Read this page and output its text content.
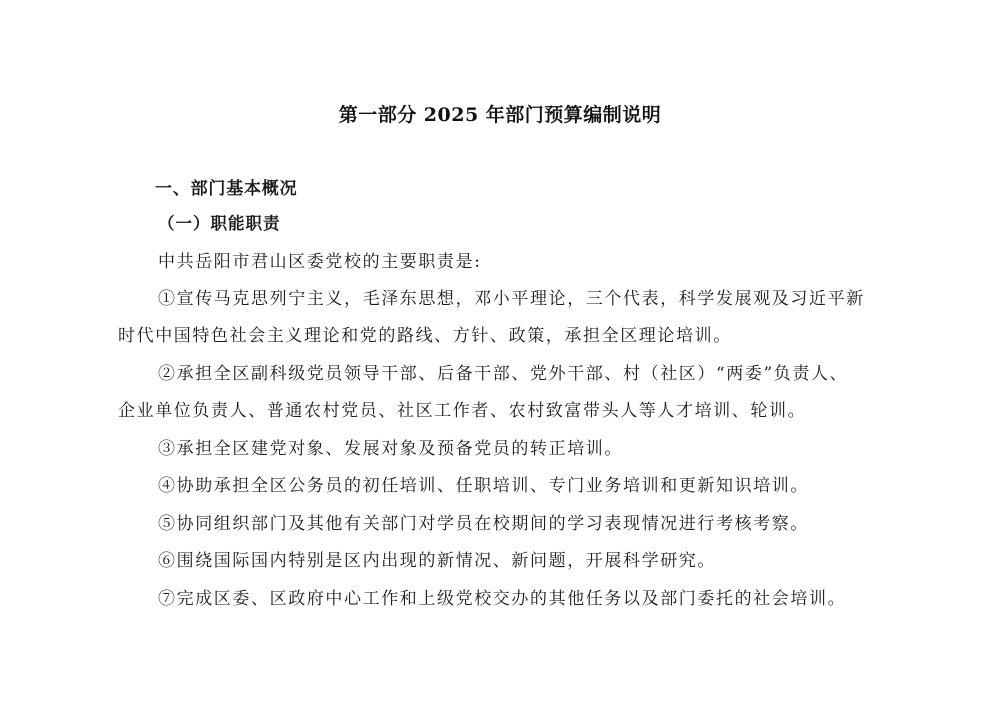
第一部分 2025 年部门预算编制说明
一、部门基本概况
（一）职能职责
中共岳阳市君山区委党校的主要职责是:
①宣传马克思列宁主义，毛泽东思想，邓小平理论，三个代表，科学发展观及习近平新
时代中国特色社会主义理论和党的路线、方针、政策，承担全区理论培训。
②承担全区副科级党员领导干部、后备干部、党外干部、村（社区）“两委”负责人、
企业单位负责人、普通农村党员、社区工作者、农村致富带头人等人才培训、轮训。
③承担全区建党对象、发展对象及预备党员的转正培训。
④协助承担全区公务员的初任培训、任职培训、专门业务培训和更新知识培训。
⑤协同组织部门及其他有关部门对学员在校期间的学习表现情况进行考核考察。
⑥围绕国际国内特别是区内出现的新情况、新问题，开展科学研究。
⑦完成区委、区政府中心工作和上级党校交办的其他任务以及部门委托的社会培训。
